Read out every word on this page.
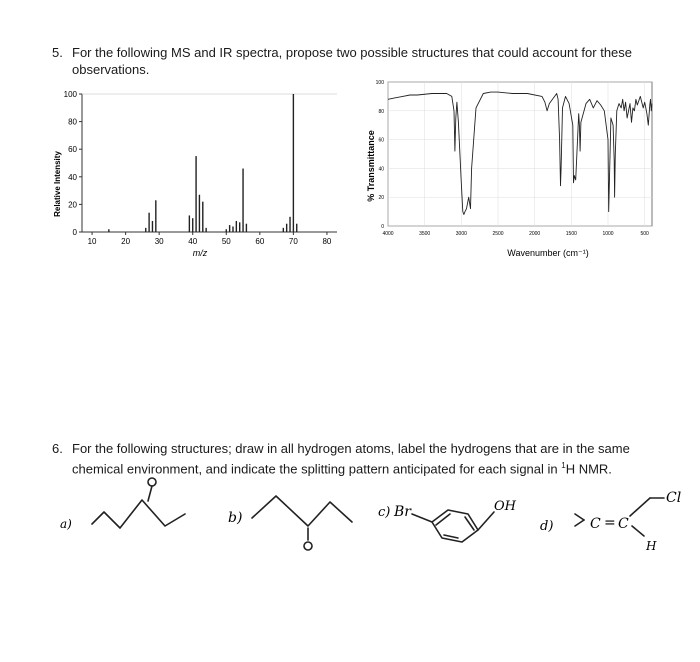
5. For the following MS and IR spectra, propose two possible structures that could account for these
observations.
0
20
40
60
80
100
10	20	30	40	50	60	70	80
m/z
Relative Intensity
0
20
40
60
80
100
4000	3500	3000	2500	2000	1500	1000	500
Wavenumber (cm⁻¹)
% Transmittance
6. For the following structures; draw in all hydrogen atoms, label the hydrogens that are in the same
chemical environment, and indicate the splitting pattern anticipated for each signal in $^1$H NMR.
a)	b)	c) Br	OH
d)	C = C
H
Cl
